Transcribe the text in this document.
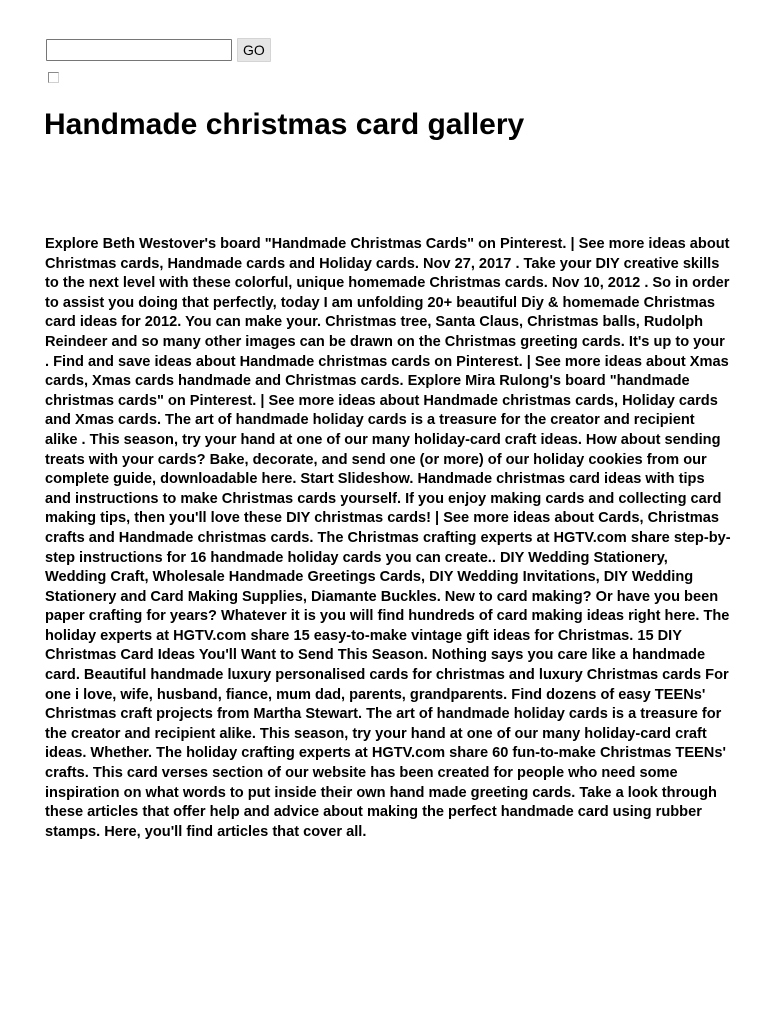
GO
Handmade christmas card gallery

Explore Beth Westover's board "Handmade Christmas Cards" on Pinterest. | See more ideas about Christmas cards, Handmade cards and Holiday cards. Nov 27, 2017 . Take your DIY creative skills to the next level with these colorful, unique homemade Christmas cards. Nov 10, 2012 . So in order to assist you doing that perfectly, today I am unfolding 20+ beautiful Diy & homemade Christmas card ideas for 2012. You can make your. Christmas tree, Santa Claus, Christmas balls, Rudolph Reindeer and so many other images can be drawn on the Christmas greeting cards. It's up to your . Find and save ideas about Handmade christmas cards on Pinterest. | See more ideas about Xmas cards, Xmas cards handmade and Christmas cards. Explore Mira Rulong's board "handmade christmas cards" on Pinterest. | See more ideas about Handmade christmas cards, Holiday cards and Xmas cards. The art of handmade holiday cards is a treasure for the creator and recipient alike . This season, try your hand at one of our many holiday-card craft ideas. How about sending treats with your cards? Bake, decorate, and send one (or more) of our holiday cookies from our complete guide, downloadable here. Start Slideshow. Handmade christmas card ideas with tips and instructions to make Christmas cards yourself. If you enjoy making cards and collecting card making tips, then you'll love these DIY christmas cards! | See more ideas about Cards, Christmas crafts and Handmade christmas cards. The Christmas crafting experts at HGTV.com share step-by-step instructions for 16 handmade holiday cards you can create.. DIY Wedding Stationery, Wedding Craft, Wholesale Handmade Greetings Cards, DIY Wedding Invitations, DIY Wedding Stationery and Card Making Supplies, Diamante Buckles. New to card making? Or have you been paper crafting for years? Whatever it is you will find hundreds of card making ideas right here. The holiday experts at HGTV.com share 15 easy-to-make vintage gift ideas for Christmas. 15 DIY Christmas Card Ideas You'll Want to Send This Season. Nothing says you care like a handmade card. Beautiful handmade luxury personalised cards for christmas and luxury Christmas cards For one i love, wife, husband, fiance, mum dad, parents, grandparents. Find dozens of easy TEENs' Christmas craft projects from Martha Stewart. The art of handmade holiday cards is a treasure for the creator and recipient alike. This season, try your hand at one of our many holiday-card craft ideas. Whether. The holiday crafting experts at HGTV.com share 60 fun-to-make Christmas TEENs' crafts. This card verses section of our website has been created for people who need some inspiration on what words to put inside their own hand made greeting cards. Take a look through these articles that offer help and advice about making the perfect handmade card using rubber stamps. Here, you'll find articles that cover all.
